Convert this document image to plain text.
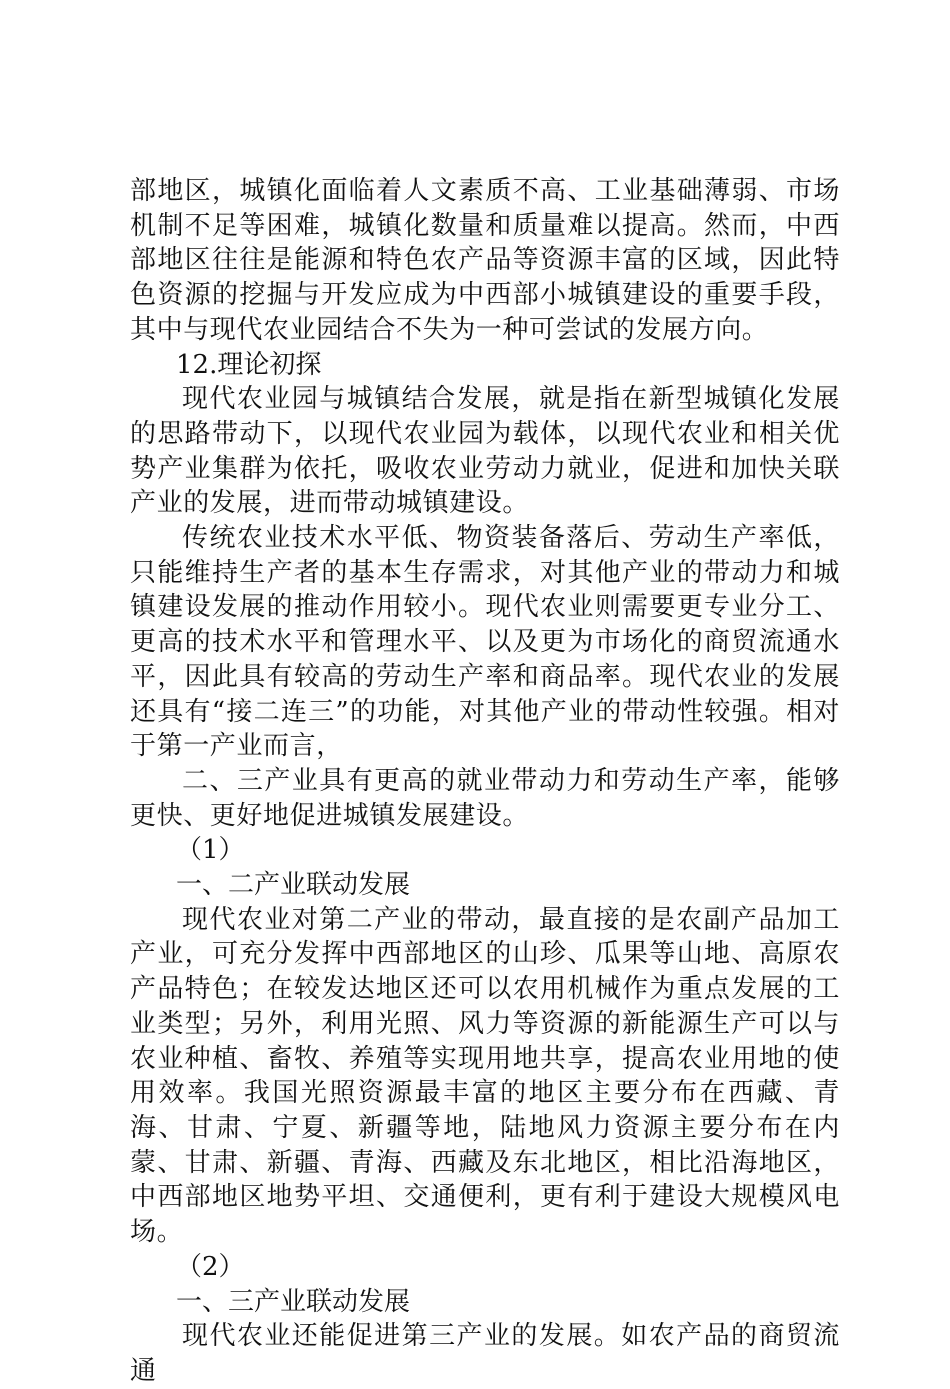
部地区，城镇化面临着人文素质不高、工业基础薄弱、市场机制不足等困难，城镇化数量和质量难以提高。然而，中西部地区往往是能源和特色农产品等资源丰富的区域，因此特色资源的挖掘与开发应成为中西部小城镇建设的重要手段，其中与现代农业园结合不失为一种可尝试的发展方向。

12.理论初探

现代农业园与城镇结合发展，就是指在新型城镇化发展的思路带动下，以现代农业园为载体，以现代农业和相关优势产业集群为依托，吸收农业劳动力就业，促进和加快关联产业的发展，进而带动城镇建设。

传统农业技术水平低、物资装备落后、劳动生产率低，只能维持生产者的基本生存需求，对其他产业的带动力和城镇建设发展的推动作用较小。现代农业则需要更专业分工、更高的技术水平和管理水平、以及更为市场化的商贸流通水平，因此具有较高的劳动生产率和商品率。现代农业的发展还具有“接二连三”的功能，对其他产业的带动性较强。相对于第一产业而言，

二、三产业具有更高的就业带动力和劳动生产率，能够更快、更好地促进城镇发展建设。

（1）

一、二产业联动发展

现代农业对第二产业的带动，最直接的是农副产品加工产业，可充分发挥中西部地区的山珍、瓜果等山地、高原农产品特色；在较发达地区还可以农用机械作为重点发展的工业类型；另外，利用光照、风力等资源的新能源生产可以与农业种植、畜牧、养殖等实现用地共享，提高农业用地的使用效率。我国光照资源最丰富的地区主要分布在西藏、青海、甘肃、宁夏、新疆等地，陆地风力资源主要分布在内蒙、甘肃、新疆、青海、西藏及东北地区，相比沿海地区，中西部地区地势平坦、交通便利，更有利于建设大规模风电场。

（2）

一、三产业联动发展

现代农业还能促进第三产业的发展。如农产品的商贸流通
